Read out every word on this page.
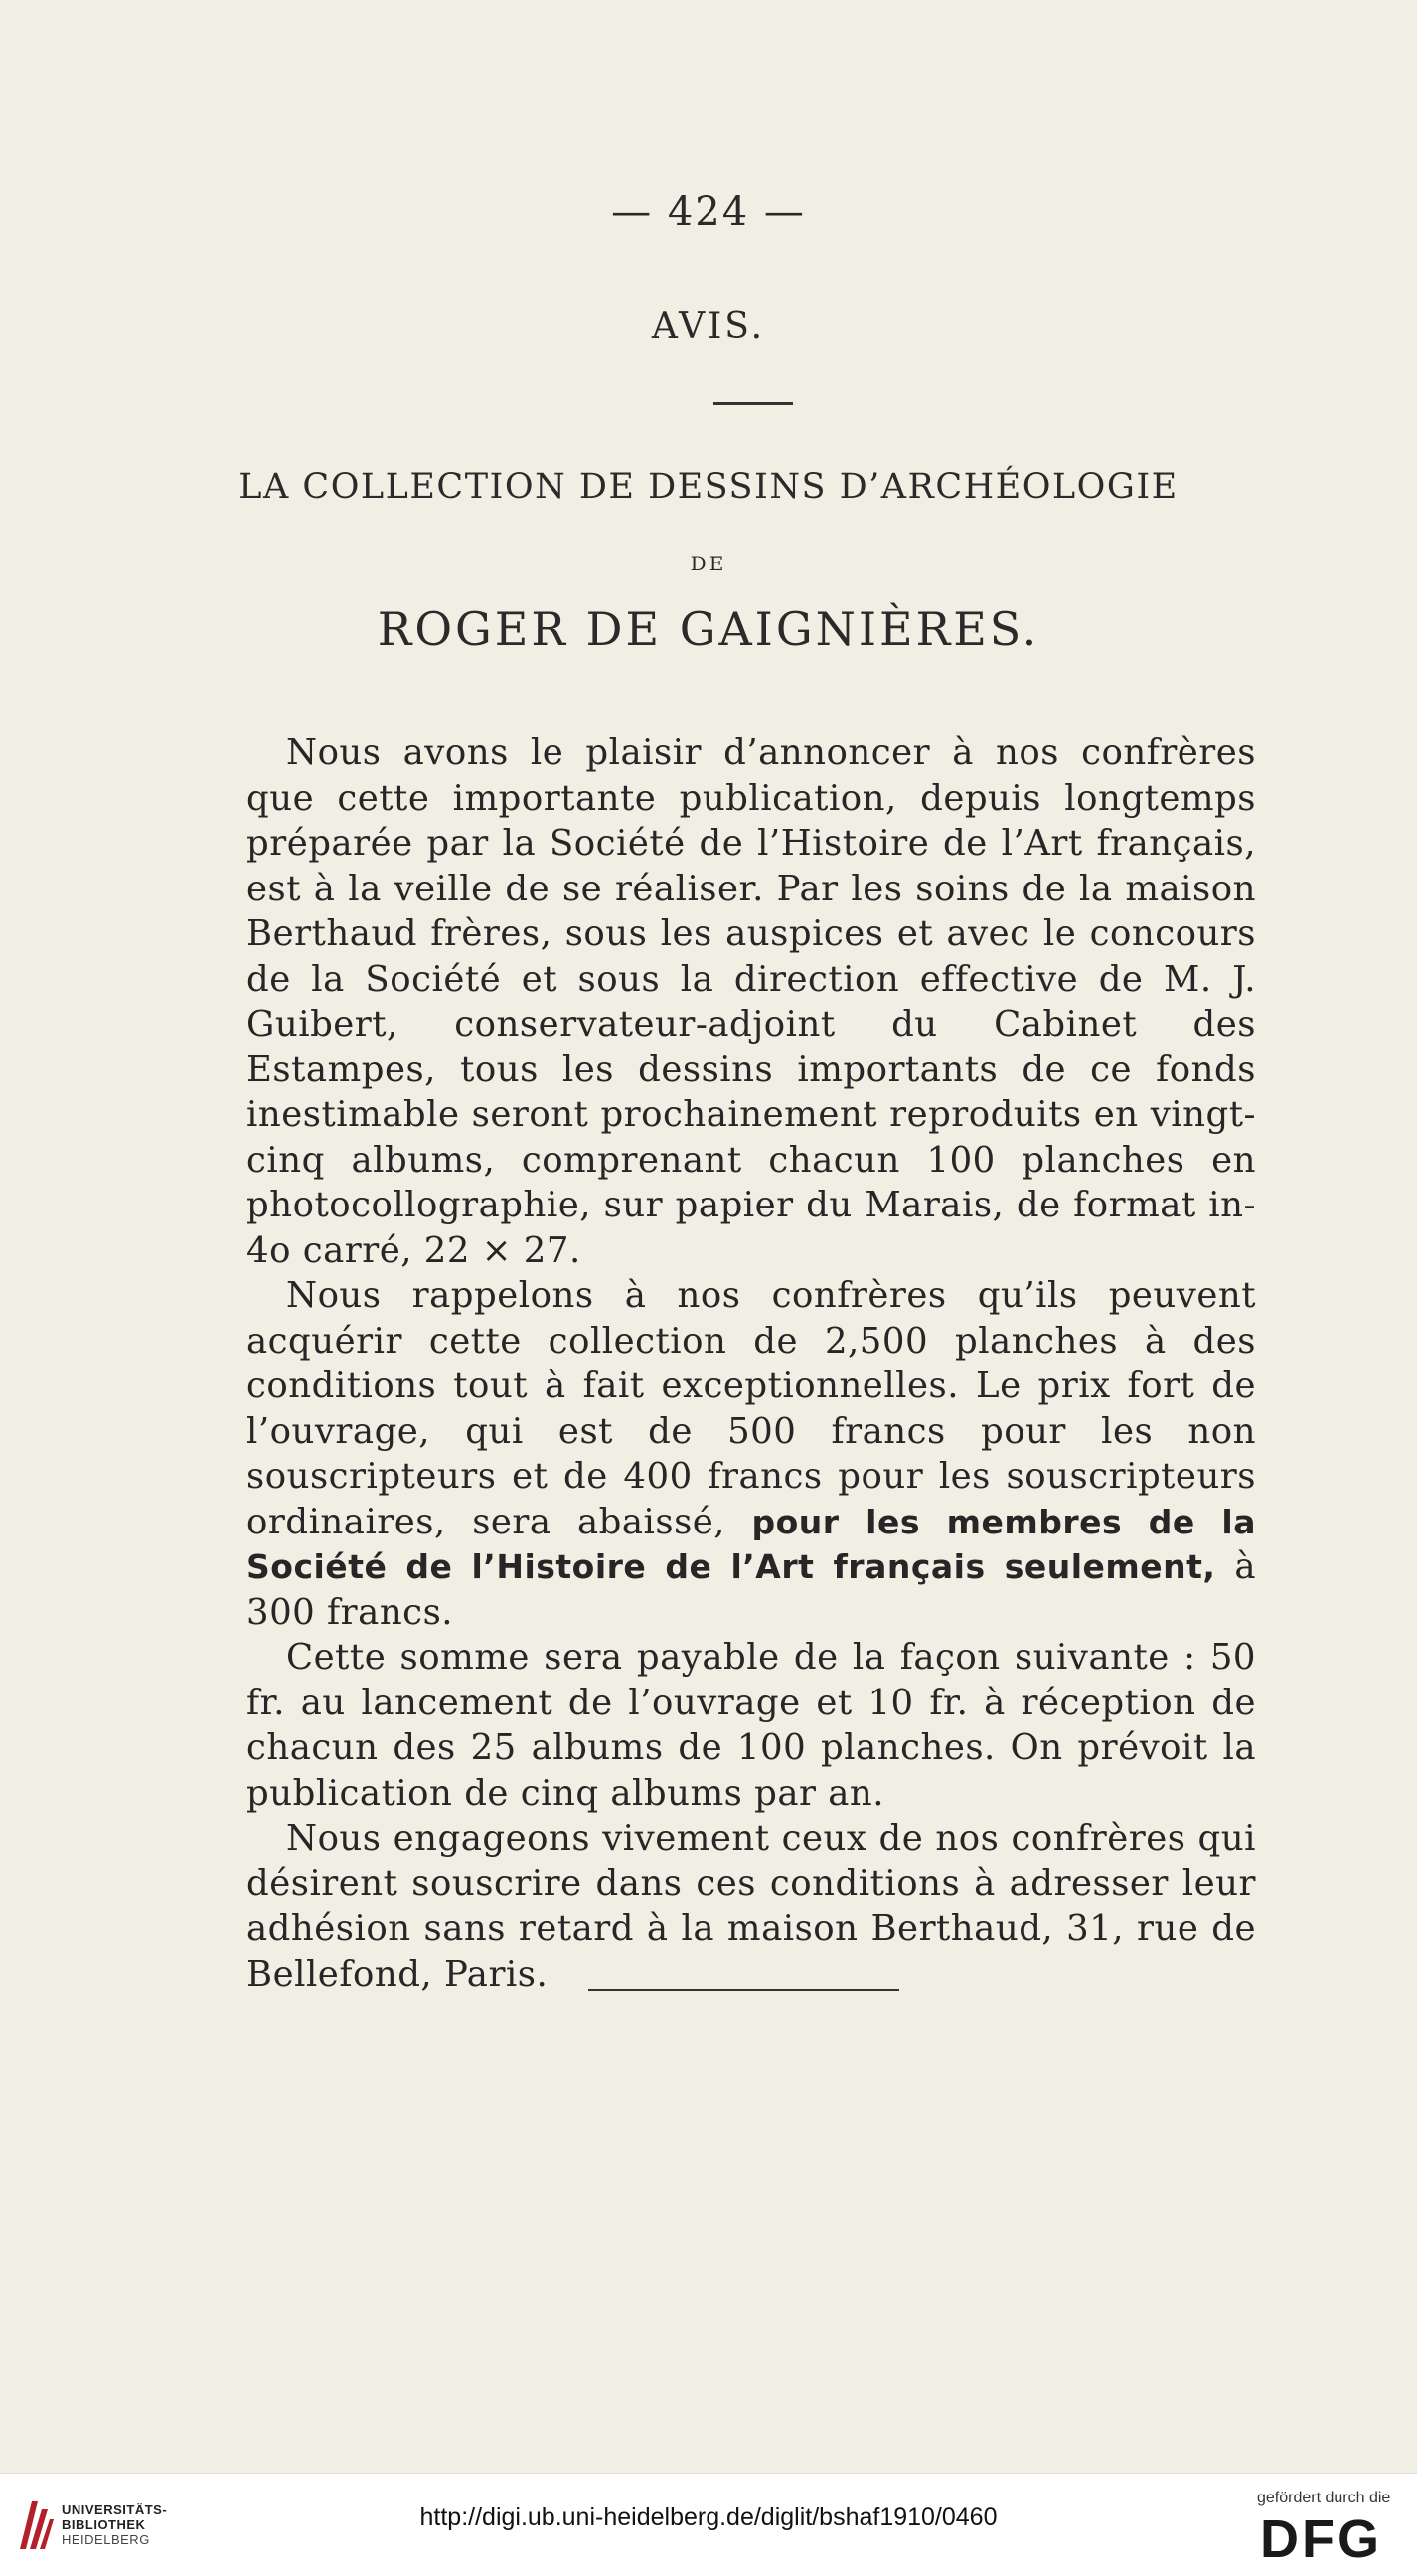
— 424 —
AVIS.
LA COLLECTION DE DESSINS D’ARCHÉOLOGIE
DE
ROGER DE GAIGNIÈRES.

Nous avons le plaisir d’annoncer à nos confrères que cette importante publication, depuis longtemps préparée par la Société de l’Histoire de l’Art français, est à la veille de se réaliser. Par les soins de la maison Berthaud frères, sous les auspices et avec le concours de la Société et sous la direction effective de M. J. Guibert, conservateur-adjoint du Cabinet des Estampes, tous les dessins importants de ce fonds inestimable seront prochainement reproduits en vingt-cinq albums, comprenant chacun 100 planches en photocollographie, sur papier du Marais, de format in-4o carré, 22 × 27.

Nous rappelons à nos confrères qu’ils peuvent acquérir cette collection de 2,500 planches à des conditions tout à fait exceptionnelles. Le prix fort de l’ouvrage, qui est de 500 francs pour les non souscripteurs et de 400 francs pour les souscripteurs ordinaires, sera abaissé, pour les membres de la Société de l’Histoire de l’Art français seulement, à 300 francs.

Cette somme sera payable de la façon suivante : 50 fr. au lancement de l’ouvrage et 10 fr. à réception de chacun des 25 albums de 100 planches. On prévoit la publication de cinq albums par an.

Nous engageons vivement ceux de nos confrères qui désirent souscrire dans ces conditions à adresser leur adhésion sans retard à la maison Berthaud, 31, rue de Bellefond, Paris.

UNIVERSITÄTS-
BIBLIOTHEK
HEIDELBERG
http://digi.ub.uni-heidelberg.de/diglit/bshaf1910/0460
gefördert durch die
DFG
